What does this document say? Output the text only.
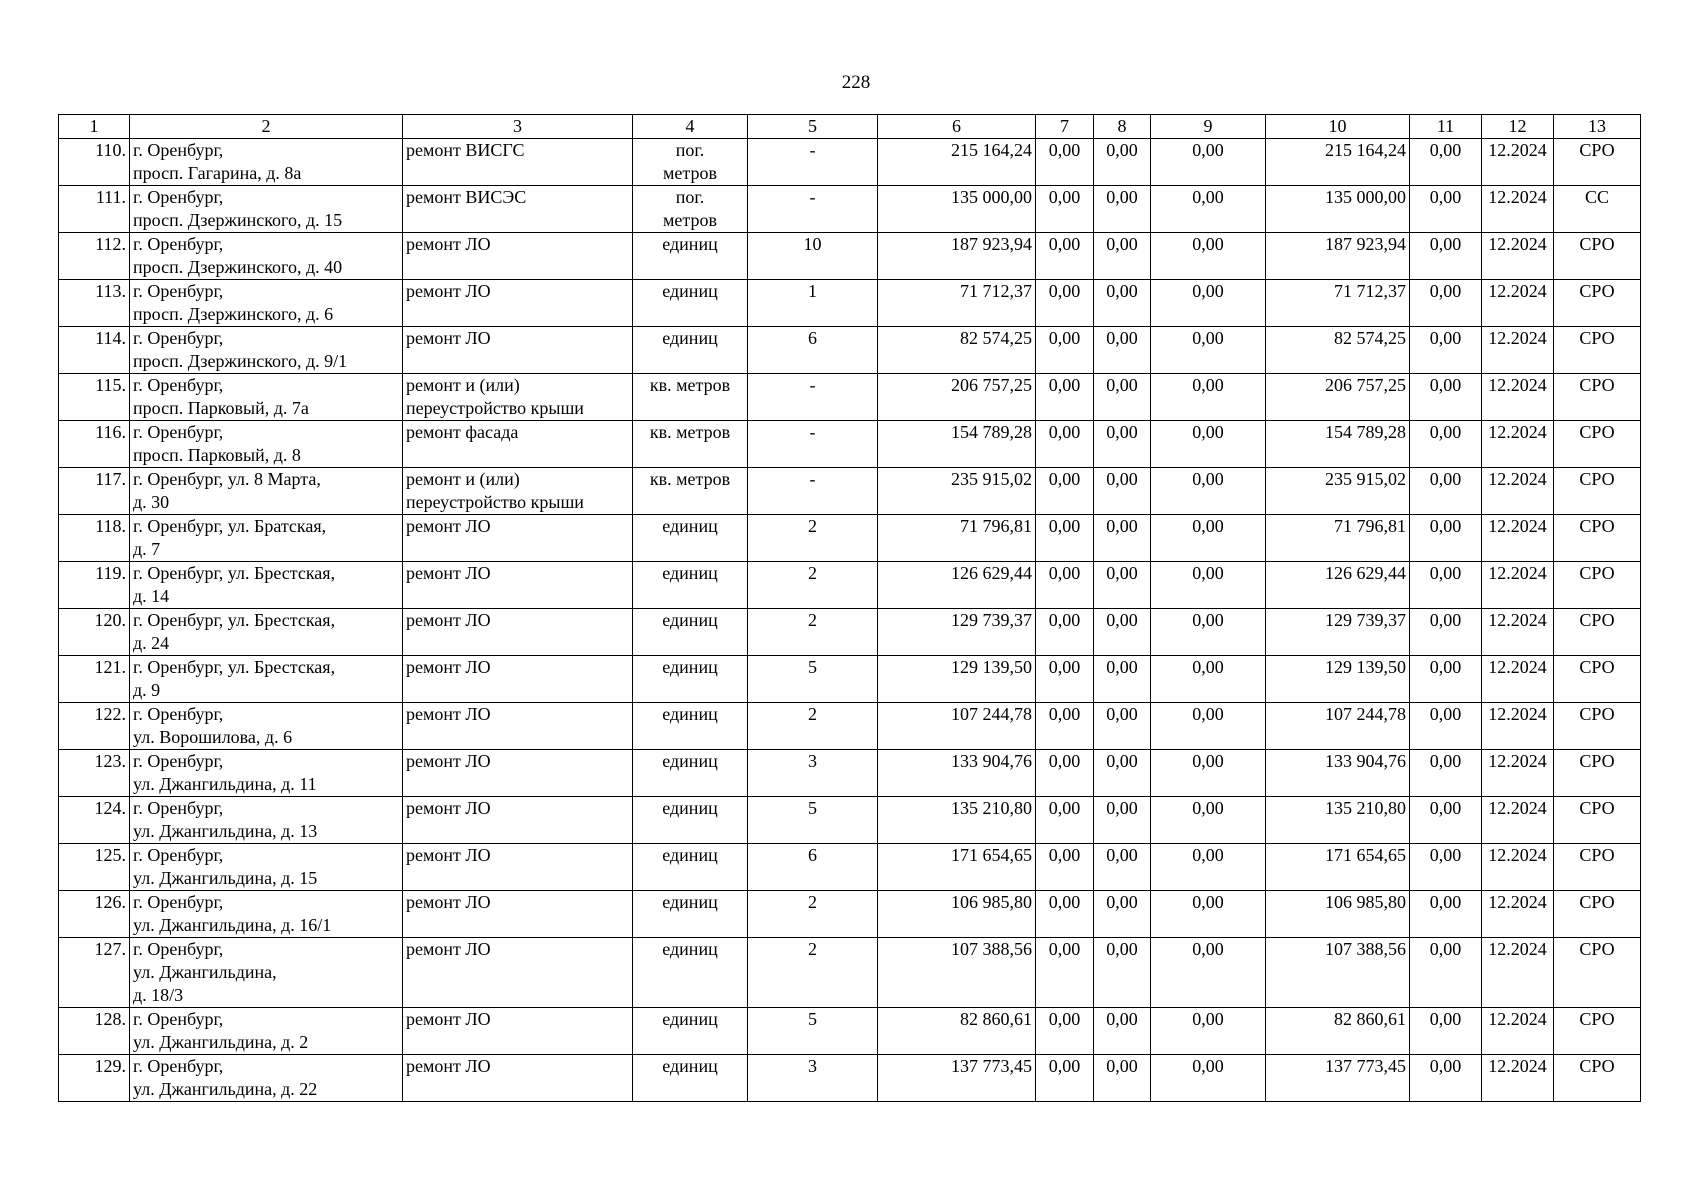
228
1	2	3	4	5	6	7	8	9	10	11	12	13
110.	г. Оренбург,
просп. Гагарина, д. 8а	ремонт ВИСГС	пог.
метров	-	215 164,24	0,00	0,00	0,00	215 164,24	0,00	12.2024	СРО
111.	г. Оренбург,
просп. Дзержинского, д. 15	ремонт ВИСЭС	пог.
метров	-	135 000,00	0,00	0,00	0,00	135 000,00	0,00	12.2024	СС
112.	г. Оренбург,
просп. Дзержинского, д. 40	ремонт ЛО	единиц	10	187 923,94	0,00	0,00	0,00	187 923,94	0,00	12.2024	СРО
113.	г. Оренбург,
просп. Дзержинского, д. 6	ремонт ЛО	единиц	1	71 712,37	0,00	0,00	0,00	71 712,37	0,00	12.2024	СРО
114.	г. Оренбург,
просп. Дзержинского, д. 9/1	ремонт ЛО	единиц	6	82 574,25	0,00	0,00	0,00	82 574,25	0,00	12.2024	СРО
115.	г. Оренбург,
просп. Парковый, д. 7а	ремонт и (или)
переустройство крыши	кв. метров	-	206 757,25	0,00	0,00	0,00	206 757,25	0,00	12.2024	СРО
116.	г. Оренбург,
просп. Парковый, д. 8	ремонт фасада	кв. метров	-	154 789,28	0,00	0,00	0,00	154 789,28	0,00	12.2024	СРО
117.	г. Оренбург, ул. 8 Марта,
д. 30	ремонт и (или)
переустройство крыши	кв. метров	-	235 915,02	0,00	0,00	0,00	235 915,02	0,00	12.2024	СРО
118.	г. Оренбург, ул. Братская,
д. 7	ремонт ЛО	единиц	2	71 796,81	0,00	0,00	0,00	71 796,81	0,00	12.2024	СРО
119.	г. Оренбург, ул. Брестская,
д. 14	ремонт ЛО	единиц	2	126 629,44	0,00	0,00	0,00	126 629,44	0,00	12.2024	СРО
120.	г. Оренбург, ул. Брестская,
д. 24	ремонт ЛО	единиц	2	129 739,37	0,00	0,00	0,00	129 739,37	0,00	12.2024	СРО
121.	г. Оренбург, ул. Брестская,
д. 9	ремонт ЛО	единиц	5	129 139,50	0,00	0,00	0,00	129 139,50	0,00	12.2024	СРО
122.	г. Оренбург,
ул. Ворошилова, д. 6	ремонт ЛО	единиц	2	107 244,78	0,00	0,00	0,00	107 244,78	0,00	12.2024	СРО
123.	г. Оренбург,
ул. Джангильдина, д. 11	ремонт ЛО	единиц	3	133 904,76	0,00	0,00	0,00	133 904,76	0,00	12.2024	СРО
124.	г. Оренбург,
ул. Джангильдина, д. 13	ремонт ЛО	единиц	5	135 210,80	0,00	0,00	0,00	135 210,80	0,00	12.2024	СРО
125.	г. Оренбург,
ул. Джангильдина, д. 15	ремонт ЛО	единиц	6	171 654,65	0,00	0,00	0,00	171 654,65	0,00	12.2024	СРО
126.	г. Оренбург,
ул. Джангильдина, д. 16/1	ремонт ЛО	единиц	2	106 985,80	0,00	0,00	0,00	106 985,80	0,00	12.2024	СРО
127.	г. Оренбург,
ул. Джангильдина,
д. 18/3	ремонт ЛО	единиц	2	107 388,56	0,00	0,00	0,00	107 388,56	0,00	12.2024	СРО
128.	г. Оренбург,
ул. Джангильдина, д. 2	ремонт ЛО	единиц	5	82 860,61	0,00	0,00	0,00	82 860,61	0,00	12.2024	СРО
129.	г. Оренбург,
ул. Джангильдина, д. 22	ремонт ЛО	единиц	3	137 773,45	0,00	0,00	0,00	137 773,45	0,00	12.2024	СРО
